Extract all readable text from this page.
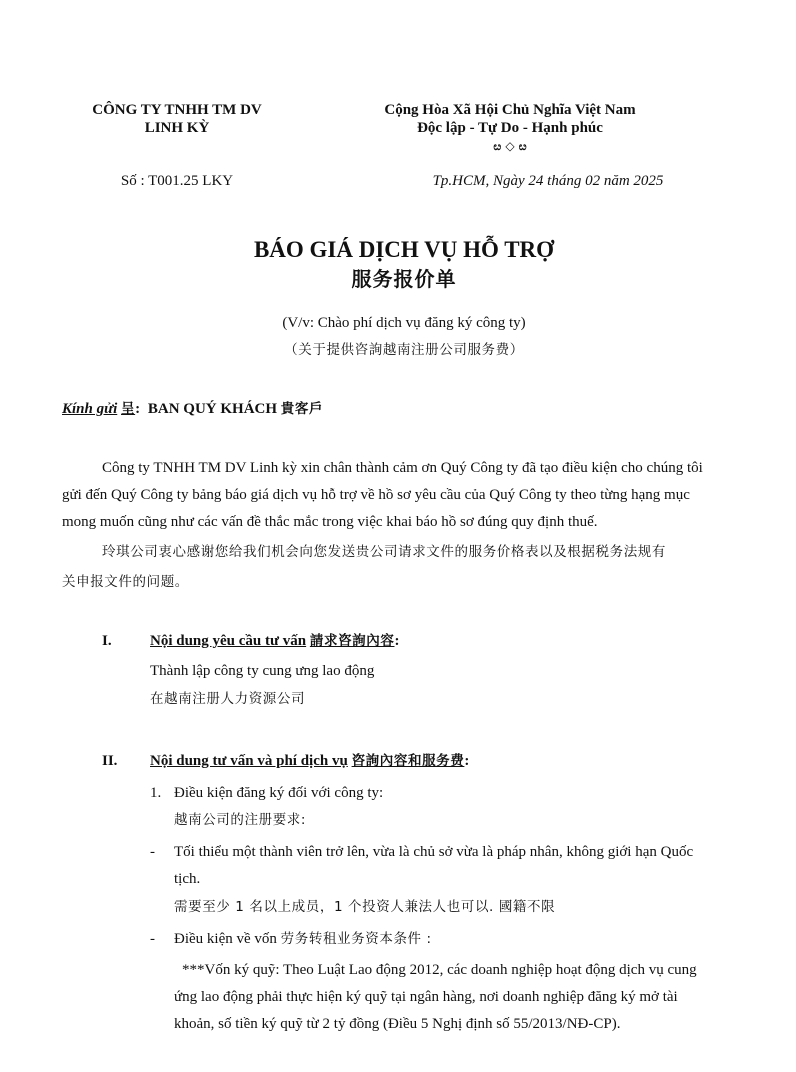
CÔNG TY TNHH TM DV
LINH KỲ
Cộng Hòa Xã Hội Chủ Nghĩa Việt Nam
Độc lập - Tự Do - Hạnh phúc
ೞ ◇ ೞ
Số : T001.25 LKY	Tp.HCM, Ngày 24 tháng 02 năm 2025
BÁO GIÁ DỊCH VỤ HỖ TRỢ
服务报价单
(V/v: Chào phí dịch vụ đăng ký công ty)
（关于提供咨詢越南注册公司服务费）
Kính gửi 呈: BAN QUÝ KHÁCH 貴客戶
Công ty TNHH TM DV Linh kỳ xin chân thành cảm ơn Quý Công ty đã tạo điều kiện cho chúng tôi
gửi đến Quý Công ty bảng báo giá dịch vụ hỗ trợ về hồ sơ yêu cầu của Quý Công ty theo từng hạng mục
mong muốn cũng như các vấn đề thắc mắc trong việc khai báo hồ sơ đúng quy định thuế.
玲琪公司衷心感谢您给我们机会向您发送贵公司请求文件的服务价格表以及根据税务法规有
关申报文件的问题。
I.	Nội dung yêu cầu tư vấn 請求咨詢內容:
Thành lập công ty cung ưng lao động
在越南注册人力资源公司
II. Nội dung tư vấn và phí dịch vụ 咨詢內容和服务费:
1. Điều kiện đăng ký đối với công ty:
越南公司的注册要求:
- Tối thiểu một thành viên trở lên, vừa là chủ sở vừa là pháp nhân, không giới hạn Quốc
tịch.
需要至少 1 名以上成员，1 个投资人兼法人也可以. 國籍不限
- Điều kiện về vốn 劳务转租业务资本条件 :
***Vốn ký quỹ: Theo Luật Lao động 2012, các doanh nghiệp hoạt động dịch vụ cung
ứng lao động phải thực hiện ký quỹ tại ngân hàng, nơi doanh nghiệp đăng ký mở tài
khoản, số tiền ký quỹ từ 2 tỷ đồng (Điều 5 Nghị định số 55/2013/NĐ-CP).
